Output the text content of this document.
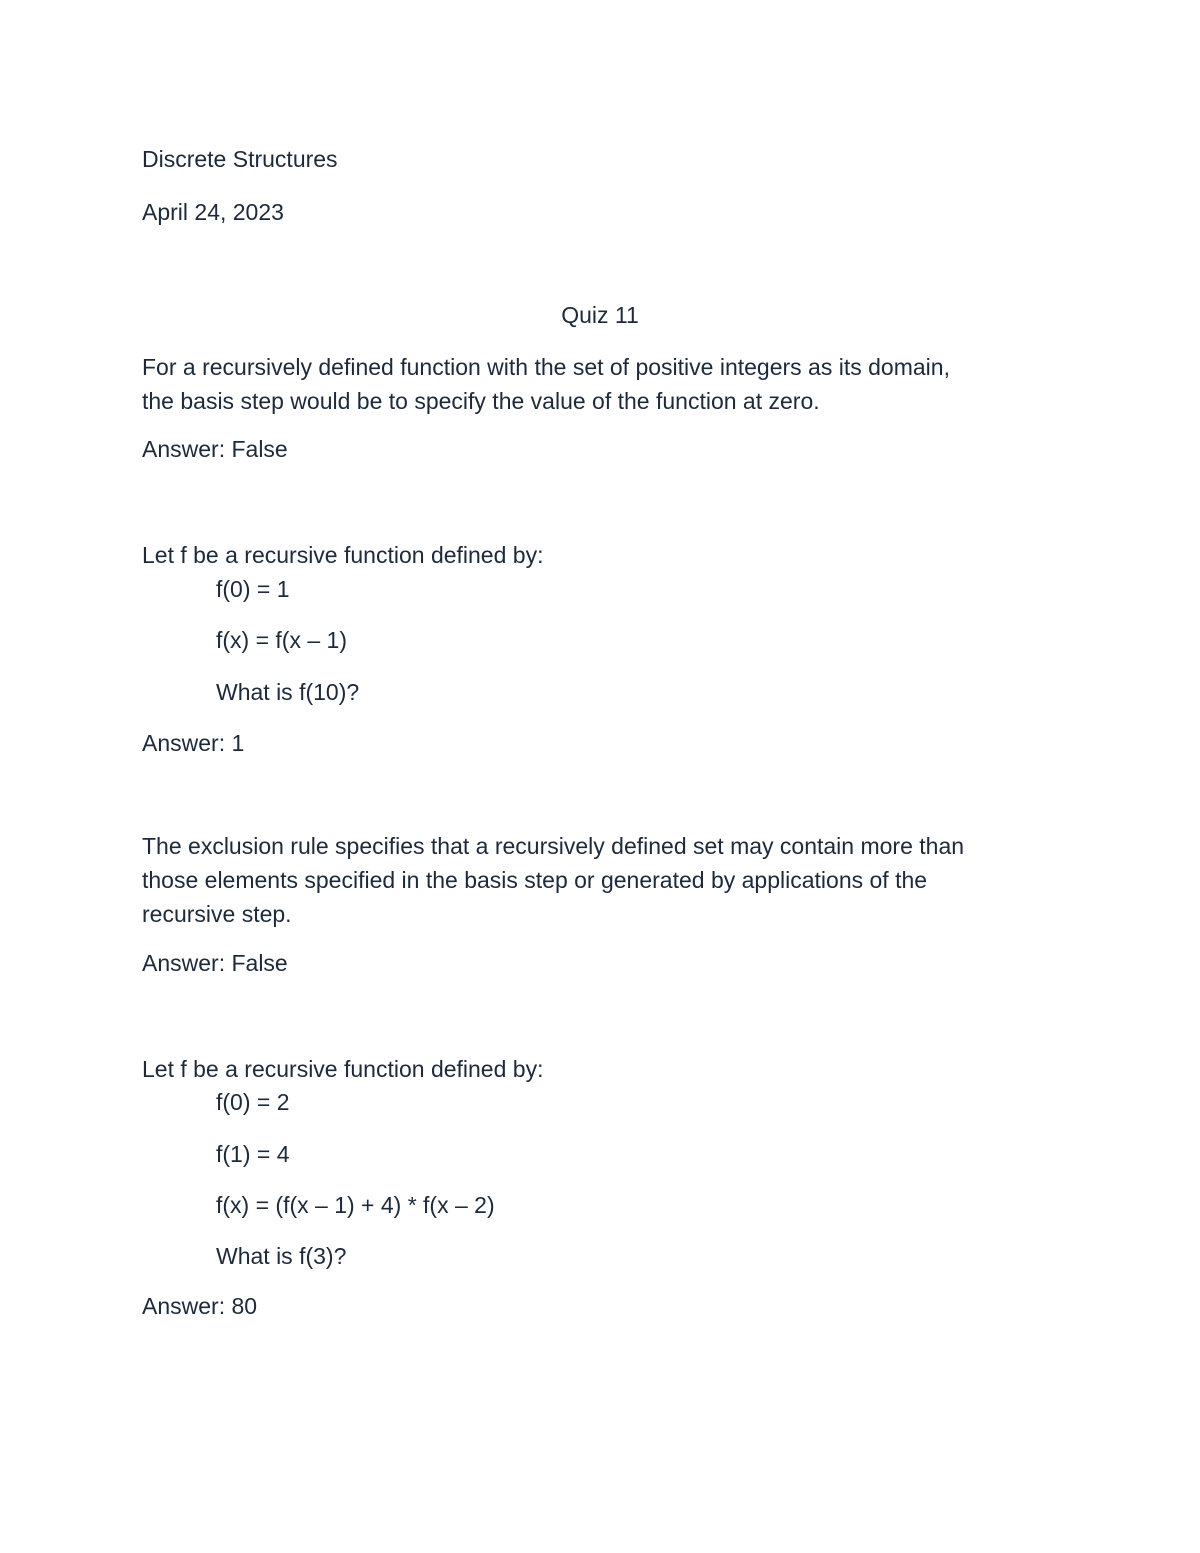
Discrete Structures
April 24, 2023
Quiz 11
For a recursively defined function with the set of positive integers as its domain,
the basis step would be to specify the value of the function at zero.
Answer: False
Let f be a recursive function defined by:
f(0) = 1
f(x) = f(x – 1)
What is f(10)?
Answer: 1
The exclusion rule specifies that a recursively defined set may contain more than
those elements specified in the basis step or generated by applications of the
recursive step.
Answer: False
Let f be a recursive function defined by:
f(0) = 2
f(1) = 4
f(x) = (f(x – 1) + 4) * f(x – 2)
What is f(3)?
Answer: 80
